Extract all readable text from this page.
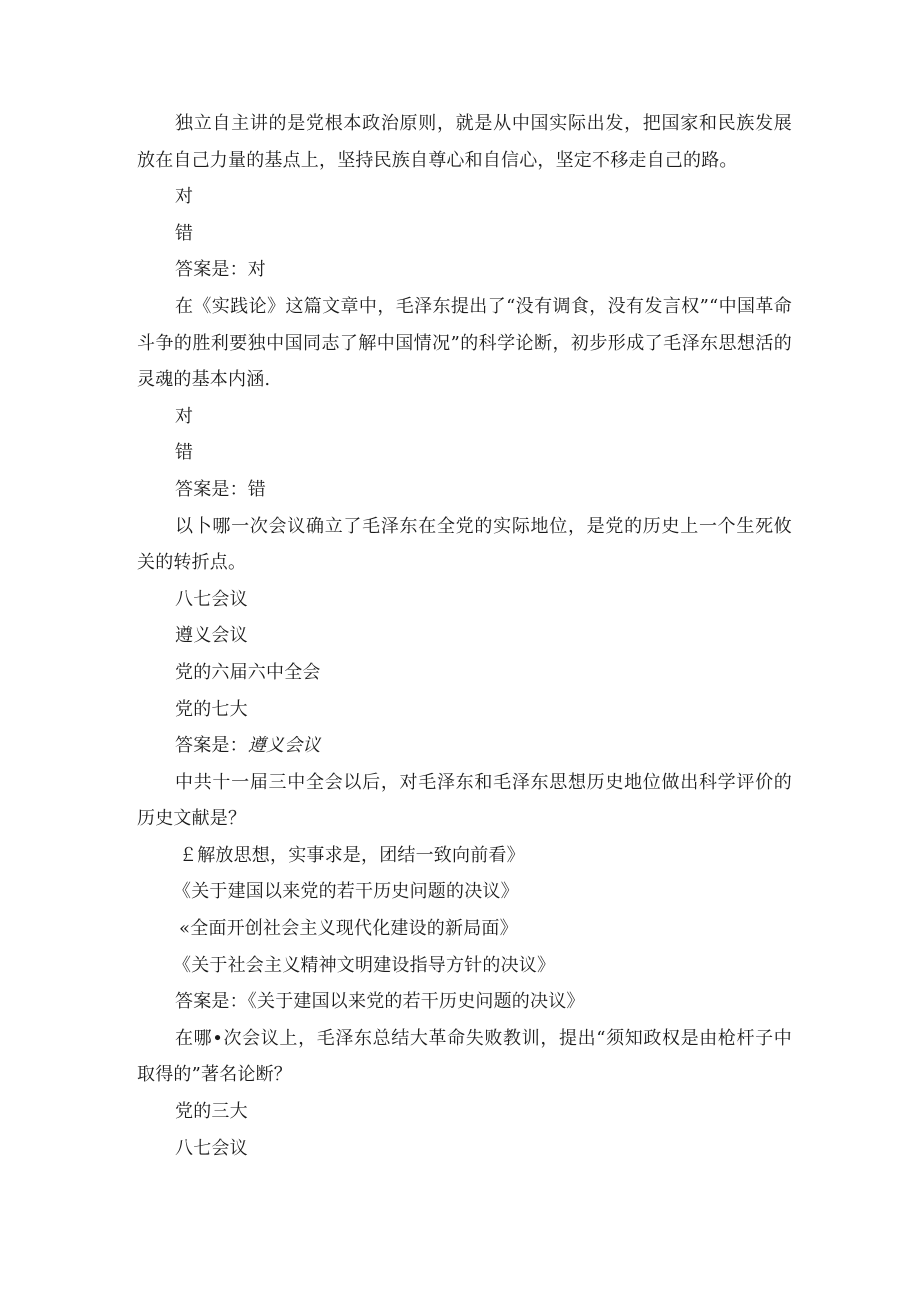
独立自主讲的是党根本政治原则，就是从中国实际出发，把国家和民族发展放在自己力量的基点上，坚持民族自尊心和自信心，坚定不移走自己的路。
对
错
答案是：对
在《实践论》这篇文章中，毛泽东提出了“没有调食，没有发言权”“中国革命斗争的胜利要独中国同志了解中国情况”的科学论断，初步形成了毛泽东思想活的灵魂的基本内涵.
对
错
答案是：错
以卜哪一次会议确立了毛泽东在全党的实际地位，是党的历史上一个生死攸关的转折点。
八七会议
遵义会议
党的六届六中全会
党的七大
答案是：遵义会议
中共十一届三中全会以后，对毛泽东和毛泽东思想历史地位做出科学评价的历史文献是？
￡解放思想，实事求是，团结一致向前看》
《关于建国以来党的若干历史问题的决议》
«全面开创社会主义现代化建设的新局面》
《关于社会主义精神文明建设指导方针的决议》
答案是：《关于建国以来党的若干历史问题的决议》
在哪•次会议上，毛泽东总结大革命失败教训，提出“须知政权是由枪杆子中取得的”著名论断？
党的三大
八七会议
